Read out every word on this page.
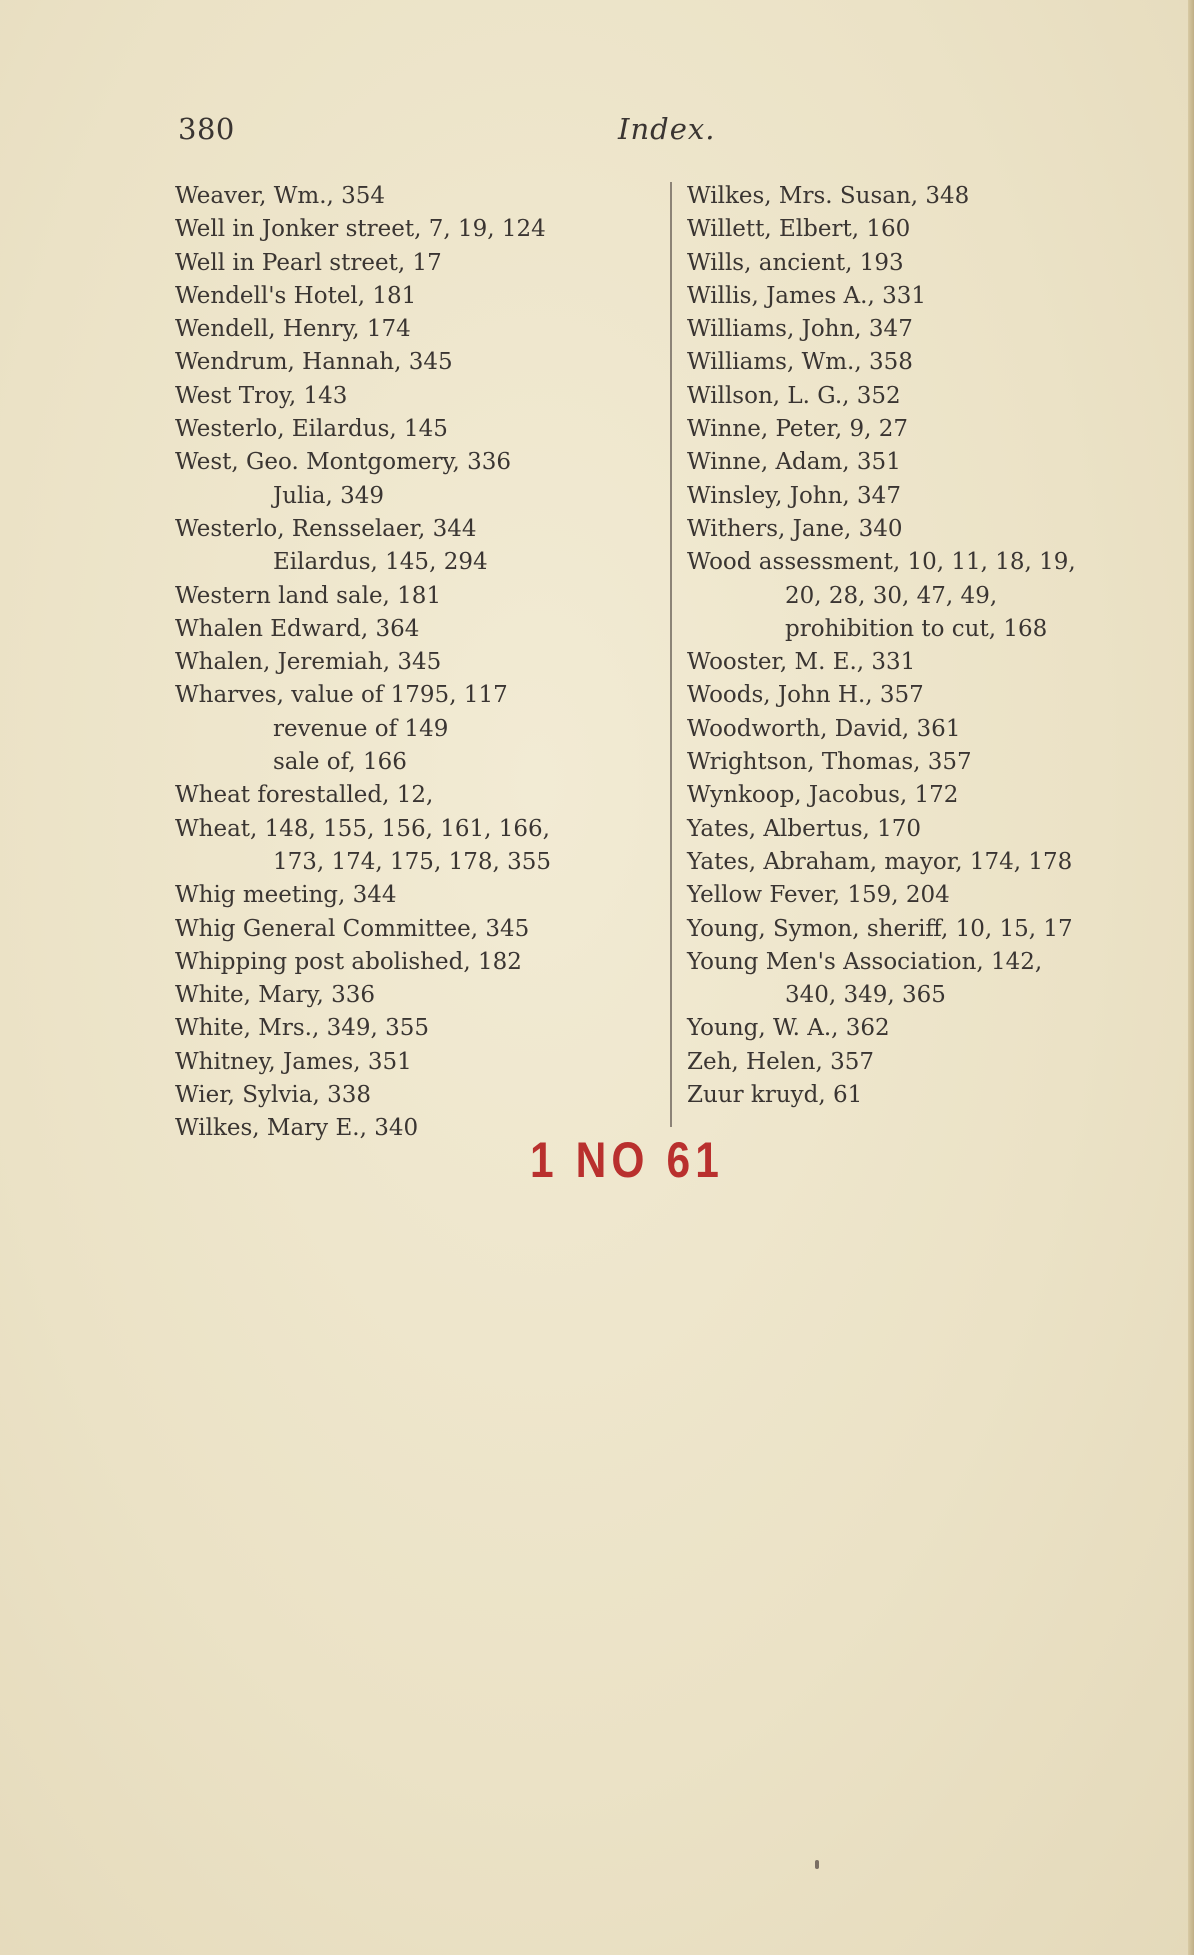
380	Index.
Weaver, Wm., 354
Well in Jonker street, 7, 19, 124
Well in Pearl street, 17
Wendell's Hotel, 181
Wendell, Henry, 174
Wendrum, Hannah, 345
West Troy, 143
Westerlo, Eilardus, 145
West, Geo. Montgomery, 336
Julia, 349
Westerlo, Rensselaer, 344
Eilardus, 145, 294
Western land sale, 181
Whalen Edward, 364
Whalen, Jeremiah, 345
Wharves, value of 1795, 117
revenue of 149
sale of, 166
Wheat forestalled, 12,
Wheat, 148, 155, 156, 161, 166,
173, 174, 175, 178, 355
Whig meeting, 344
Whig General Committee, 345
Whipping post abolished, 182
White, Mary, 336
White, Mrs., 349, 355
Whitney, James, 351
Wier, Sylvia, 338
Wilkes, Mary E., 340
Wilkes, Mrs. Susan, 348
Willett, Elbert, 160
Wills, ancient, 193
Willis, James A., 331
Williams, John, 347
Williams, Wm., 358
Willson, L. G., 352
Winne, Peter, 9, 27
Winne, Adam, 351
Winsley, John, 347
Withers, Jane, 340
Wood assessment, 10, 11, 18, 19,
20, 28, 30, 47, 49,
prohibition to cut, 168
Wooster, M. E., 331
Woods, John H., 357
Woodworth, David, 361
Wrightson, Thomas, 357
Wynkoop, Jacobus, 172
Yates, Albertus, 170
Yates, Abraham, mayor, 174, 178
Yellow Fever, 159, 204
Young, Symon, sheriff, 10, 15, 17
Young Men's Association, 142,
340, 349, 365
Young, W. A., 362
Zeh, Helen, 357
Zuur kruyd, 61
1 NO 61
